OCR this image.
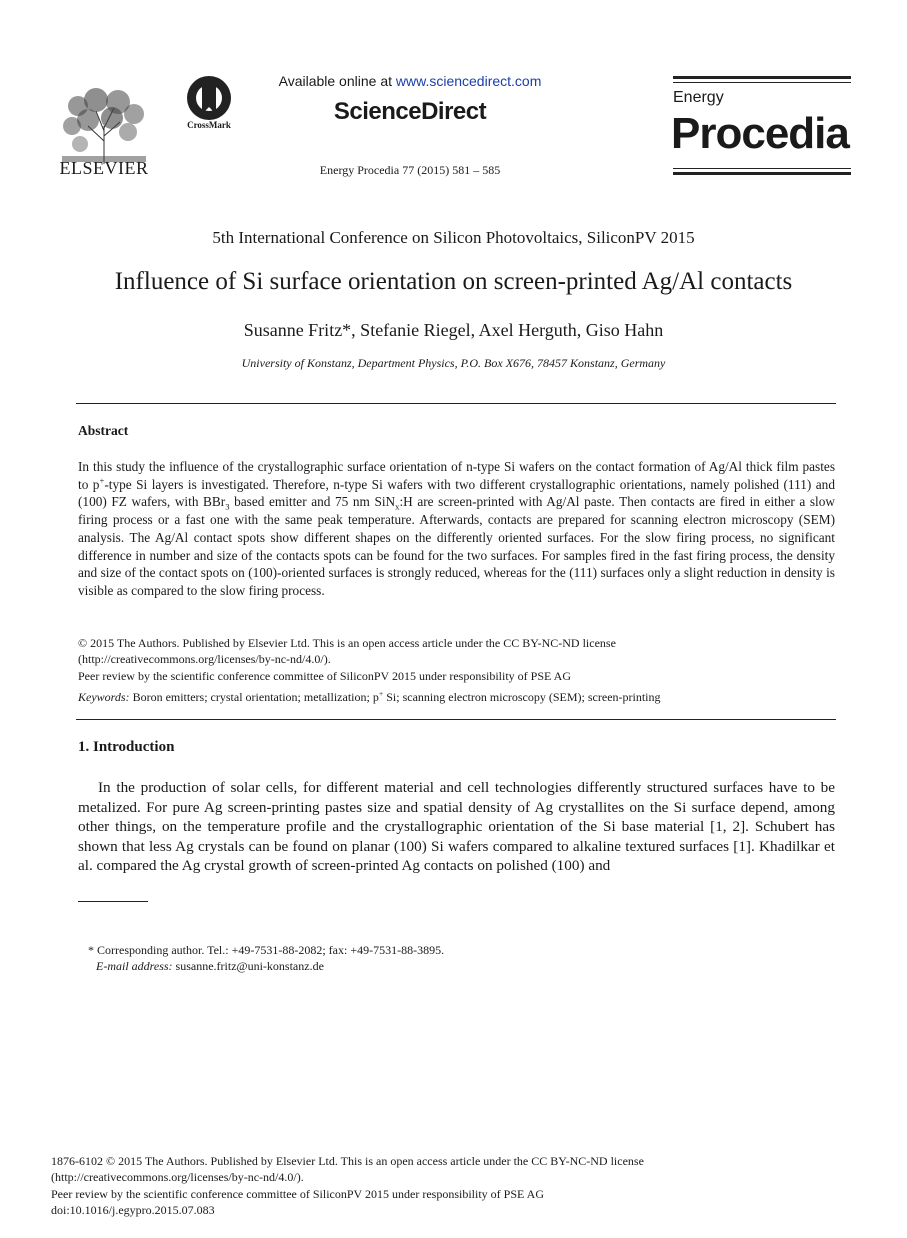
ELSEVIER
CrossMark
Available online at www.sciencedirect.com
ScienceDirect
Energy Procedia 77 (2015) 581 – 585
Energy
Procedia
5th International Conference on Silicon Photovoltaics, SiliconPV 2015
Influence of Si surface orientation on screen-printed Ag/Al contacts
Susanne Fritz*, Stefanie Riegel, Axel Herguth, Giso Hahn
University of Konstanz, Department Physics, P.O. Box X676, 78457 Konstanz, Germany
Abstract
In this study the influence of the crystallographic surface orientation of n-type Si wafers on the contact formation of Ag/Al thick film pastes to p+-type Si layers is investigated. Therefore, n-type Si wafers with two different crystallographic orientations, namely polished (111) and (100) FZ wafers, with BBr$_3$ based emitter and 75 nm SiN$_x$:H are screen-printed with Ag/Al paste. Then contacts are fired in either a slow firing process or a fast one with the same peak temperature. Afterwards, contacts are prepared for scanning electron microscopy (SEM) analysis. The Ag/Al contact spots show different shapes on the differently oriented surfaces. For the slow firing process, no significant difference in number and size of the contacts spots can be found for the two surfaces. For samples fired in the fast firing process, the density and size of the contact spots on (100)-oriented surfaces is strongly reduced, whereas for the (111) surfaces only a slight reduction in density is visible as compared to the slow firing process.
© 2015 The Authors. Published by Elsevier Ltd. This is an open access article under the CC BY-NC-ND license
(http://creativecommons.org/licenses/by-nc-nd/4.0/).
Peer review by the scientific conference committee of SiliconPV 2015 under responsibility of PSE AG
Keywords: Boron emitters; crystal orientation; metallization; p+ Si; scanning electron microscopy (SEM); screen-printing
1. Introduction

In the production of solar cells, for different material and cell technologies differently structured surfaces have to be metalized. For pure Ag screen-printing pastes size and spatial density of Ag crystallites on the Si surface depend, among other things, on the temperature profile and the crystallographic orientation of the Si base material [1, 2]. Schubert has shown that less Ag crystals can be found on planar (100) Si wafers compared to alkaline textured surfaces [1]. Khadilkar et al. compared the Ag crystal growth of screen-printed Ag contacts on polished (100) and

* Corresponding author. Tel.: +49-7531-88-2082; fax: +49-7531-88-3895.
E-mail address: susanne.fritz@uni-konstanz.de
1876-6102 © 2015 The Authors. Published by Elsevier Ltd. This is an open access article under the CC BY-NC-ND license
(http://creativecommons.org/licenses/by-nc-nd/4.0/).
Peer review by the scientific conference committee of SiliconPV 2015 under responsibility of PSE AG
doi:10.1016/j.egypro.2015.07.083
